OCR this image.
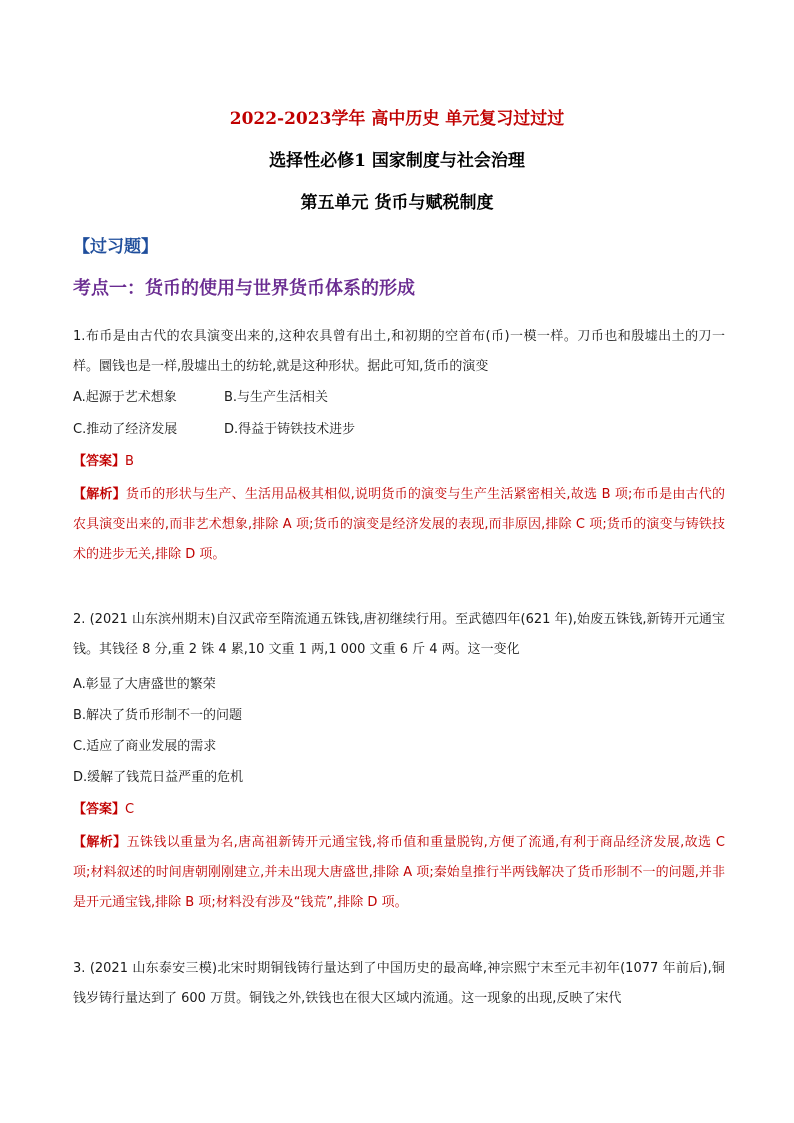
2022-2023学年 高中历史 单元复习过过过
选择性必修1 国家制度与社会治理
第五单元 货币与赋税制度
【过习题】
考点一：货币的使用与世界货币体系的形成
1.布币是由古代的农具演变出来的,这种农具曾有出土,和初期的空首布(币)一模一样。刀币也和殷墟出土的刀一样。圜钱也是一样,殷墟出土的纺轮,就是这种形状。据此可知,货币的演变
A.起源于艺术想象	B.与生产生活相关
C.推动了经济发展	D.得益于铸铁技术进步
【答案】B
【解析】货币的形状与生产、生活用品极其相似,说明货币的演变与生产生活紧密相关,故选 B 项;布币是由古代的农具演变出来的,而非艺术想象,排除 A 项;货币的演变是经济发展的表现,而非原因,排除 C 项;货币的演变与铸铁技术的进步无关,排除 D 项。
2. (2021 山东滨州期末)自汉武帝至隋流通五铢钱,唐初继续行用。至武德四年(621 年),始废五铢钱,新铸开元通宝钱。其钱径 8 分,重 2 铢 4 累,10 文重 1 两,1 000 文重 6 斤 4 两。这一变化
A.彰显了大唐盛世的繁荣
B.解决了货币形制不一的问题
C.适应了商业发展的需求
D.缓解了钱荒日益严重的危机
【答案】C
【解析】五铢钱以重量为名,唐高祖新铸开元通宝钱,将币值和重量脱钩,方便了流通,有利于商品经济发展,故选 C 项;材料叙述的时间唐朝刚刚建立,并未出现大唐盛世,排除 A 项;秦始皇推行半两钱解决了货币形制不一的问题,并非是开元通宝钱,排除 B 项;材料没有涉及“钱荒”,排除 D 项。
3. (2021 山东泰安三模)北宋时期铜钱铸行量达到了中国历史的最高峰,神宗熙宁末至元丰初年(1077 年前后),铜钱岁铸行量达到了 600 万贯。铜钱之外,铁钱也在很大区域内流通。这一现象的出现,反映了宋代
